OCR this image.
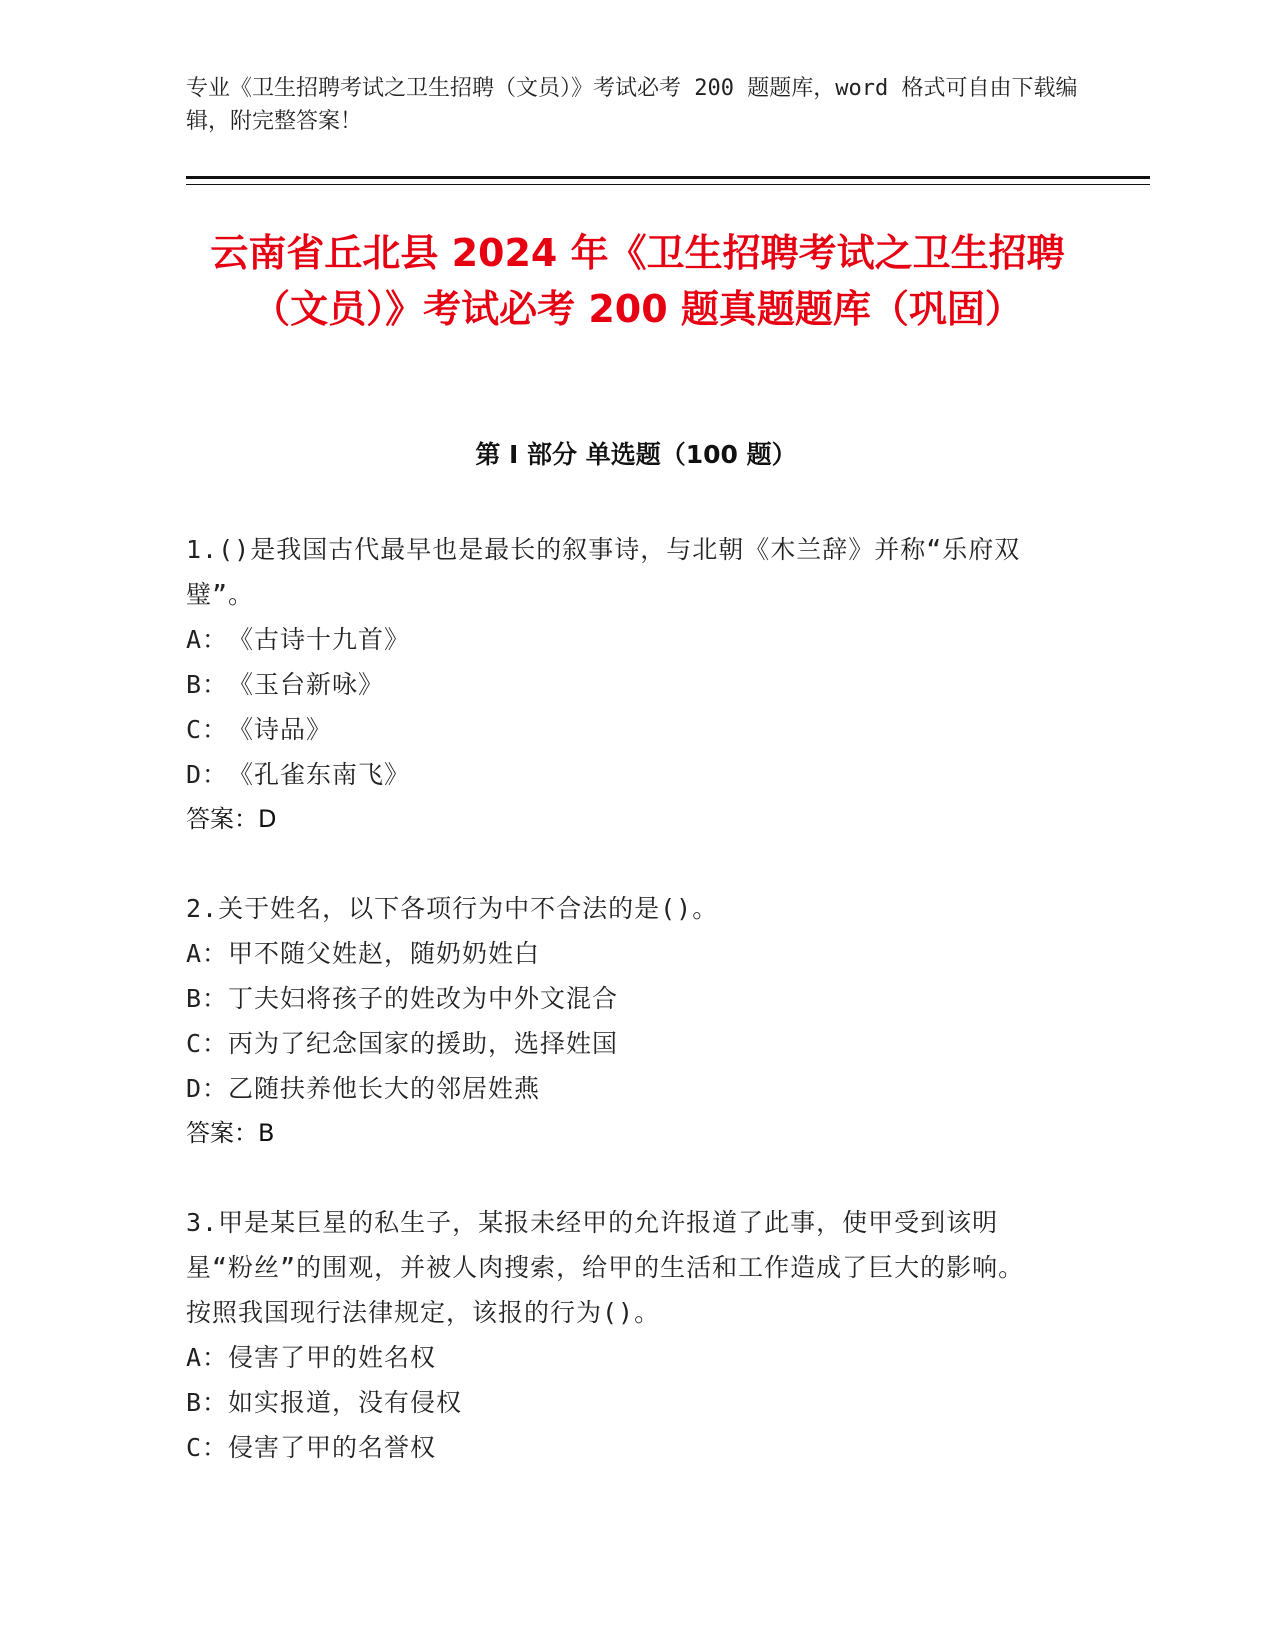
专业《卫生招聘考试之卫生招聘（文员）》考试必考 200 题题库，word 格式可自由下载编辑，附完整答案！
云南省丘北县 2024 年《卫生招聘考试之卫生招聘（文员）》考试必考 200 题真题题库（巩固）
第 I 部分 单选题（100 题）

1.()是我国古代最早也是最长的叙事诗，与北朝《木兰辞》并称“乐府双璧”。

A：《古诗十九首》

B：《玉台新咏》

C：《诗品》

D：《孔雀东南飞》

答案：D

2.关于姓名，以下各项行为中不合法的是()。

A：甲不随父姓赵，随奶奶姓白

B：丁夫妇将孩子的姓改为中外文混合

C：丙为了纪念国家的援助，选择姓国

D：乙随扶养他长大的邻居姓燕

答案：B

3.甲是某巨星的私生子，某报未经甲的允许报道了此事，使甲受到该明星“粉丝”的围观，并被人肉搜索，给甲的生活和工作造成了巨大的影响。按照我国现行法律规定，该报的行为()。

A：侵害了甲的姓名权

B：如实报道，没有侵权

C：侵害了甲的名誉权
